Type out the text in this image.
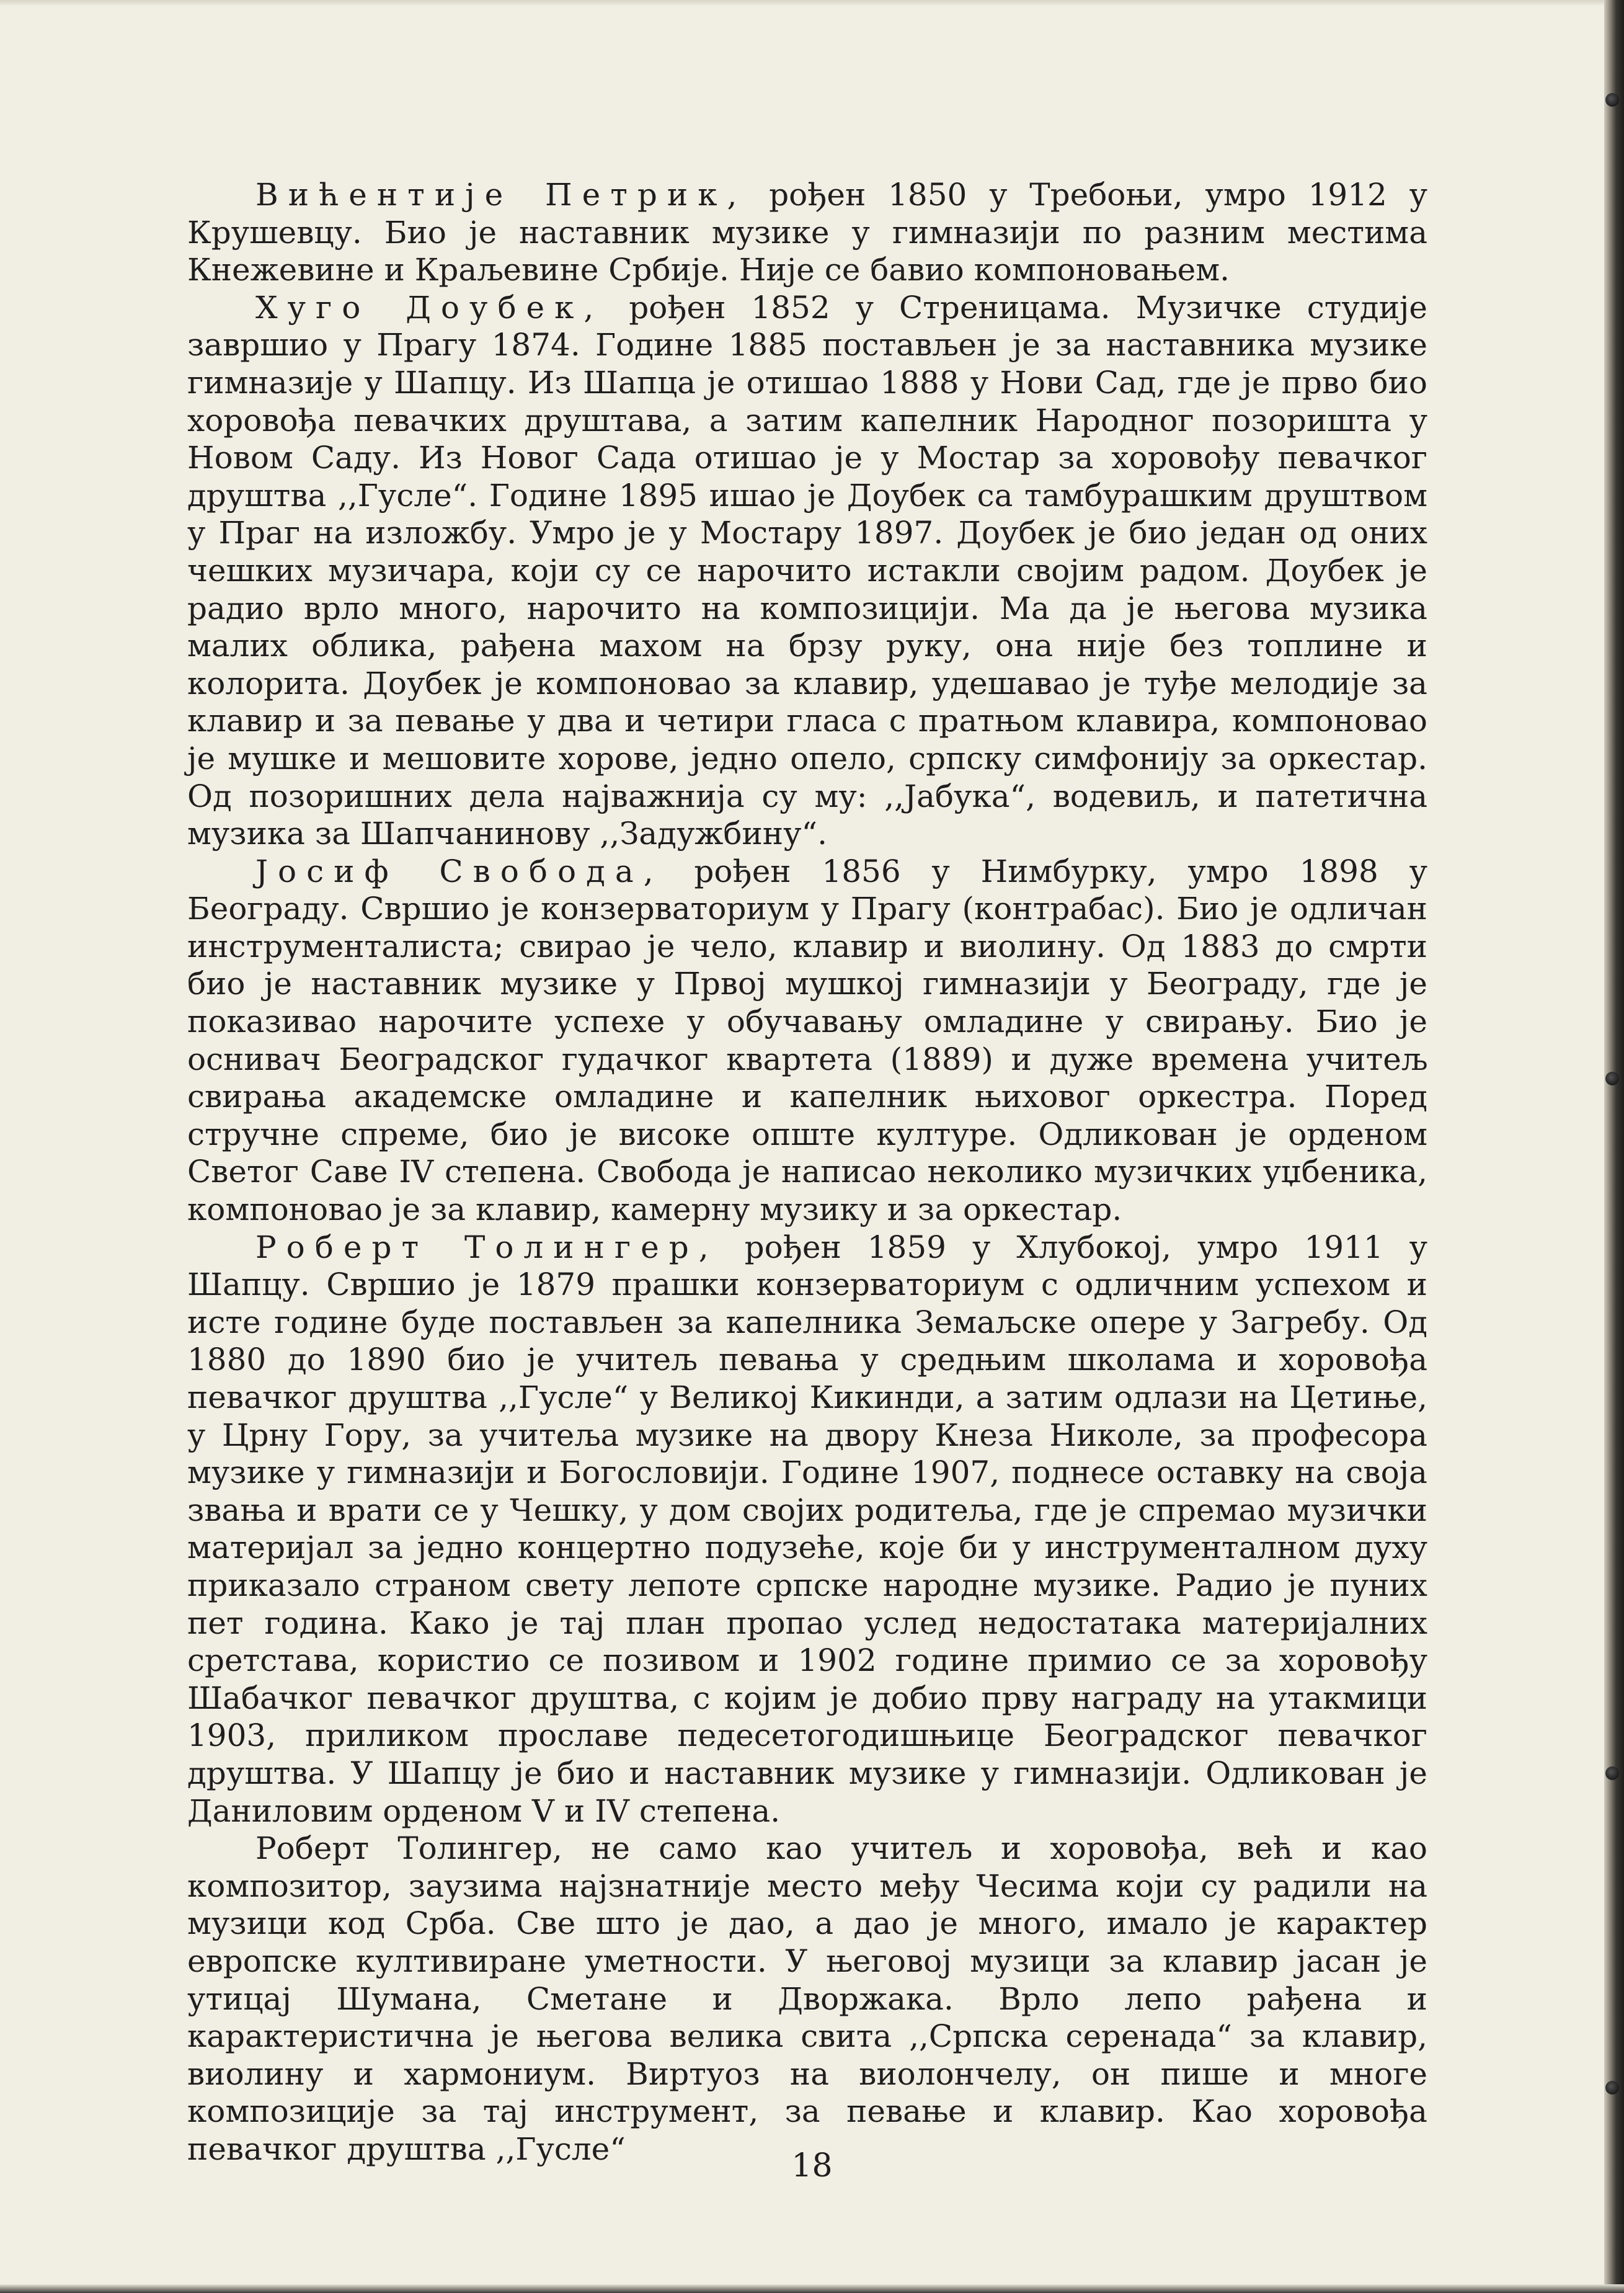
Вићентије Петрик, рођен 1850 у Требоњи, умро 1912 у Крушевцу. Био је наставник музике у гимназији по разним местима Кнежевине и Краљевине Србије. Није се бавио компоновањем.

Хуго Доубек, рођен 1852 у Стреницама. Музичке студије завршио у Прагу 1874. Године 1885 постављен је за наставника музике гимназије у Шапцу. Из Шапца је отишао 1888 у Нови Сад, где је прво био хоровођа певачких друштава, а затим капелник Народног позоришта у Новом Саду. Из Новог Сада отишао је у Мостар за хоровођу певачког друштва ,,Гусле“. Године 1895 ишао је Доубек са тамбурашким друштвом у Праг на изложбу. Умро је у Мостару 1897. Доубек је био један од оних чешких музичара, који су се нарочито истакли својим радом. Доубек је радио врло много, нарочито на композицији. Ма да је његова музика малих облика, рађена махом на брзу руку, она није без топлине и колорита. Доубек је компоновао за клавир, удешавао је туђе мелодије за клавир и за певање у два и четири гласа с пратњом клавира, компоновао је мушке и мешовите хорове, једно опело, српску симфонију за оркестар. Од позоришних дела најважнија су му: ,,Јабука“, водевиљ, и патетична музика за Шапчанинову ,,Задужбину“.

Јосиф Свобода, рођен 1856 у Нимбурку, умро 1898 у Београду. Свршио је конзерваториум у Прагу (контрабас). Био је одличан инструменталиста; свирао је чело, клавир и виолину. Од 1883 до смрти био је наставник музике у Првој мушкој гимназији у Београду, где је показивао нарочите успехе у обучавању омладине у свирању. Био је оснивач Београдског гудачког квартета (1889) и дуже времена учитељ свирања академске омладине и капелник њиховог оркестра. Поред стручне спреме, био је високе опште културе. Одликован је орденом Светог Саве IV степена. Свобода је написао неколико музичких уџбеника, компоновао је за клавир, камерну музику и за оркестар.

Роберт Толингер, рођен 1859 у Хлубокој, умро 1911 у Шапцу. Свршио је 1879 прашки конзерваториум с одличним успехом и исте године буде постављен за капелника Земаљске опере у Загребу. Од 1880 до 1890 био је учитељ певања у средњим школама и хоровођа певачког друштва ,,Гусле“ у Великој Кикинди, а затим одлази на Цетиње, у Црну Гору, за учитеља музике на двору Кнеза Николе, за професора музике у гимназији и Богословији. Године 1907, поднесе оставку на своја звања и врати се у Чешку, у дом својих родитеља, где је спремао музички материјал за једно концертно подузеће, које би у инструменталном духу приказало страном свету лепоте српске народне музике. Радио је пуних пет година. Како је тај план пропао услед недостатака материјалних сретстава, користио се позивом и 1902 године примио се за хоровођу Шабачког певачког друштва, с којим је добио прву награду на утакмици 1903, приликом прославе педесетогодишњице Београдског певачког друштва. У Шапцу је био и наставник музике у гимназији. Одликован је Даниловим орденом V и IV степена.

Роберт Толингер, не само као учитељ и хоровођа, већ и као композитор, заузима најзнатније место међу Чесима који су радили на музици код Срба. Све што је дао, а дао је много, имало је карактер европске култивиране уметности. У његовој музици за клавир јасан је утицај Шумана, Сметане и Дворжака. Врло лепо рађена и карактеристична је његова велика свита ,,Српска серенада“ за клавир, виолину и хармониум. Виртуоз на виолончелу, он пише и многе композиције за тај инструмент, за певање и клавир. Као хоровођа певачког друштва ,,Гусле“	18
